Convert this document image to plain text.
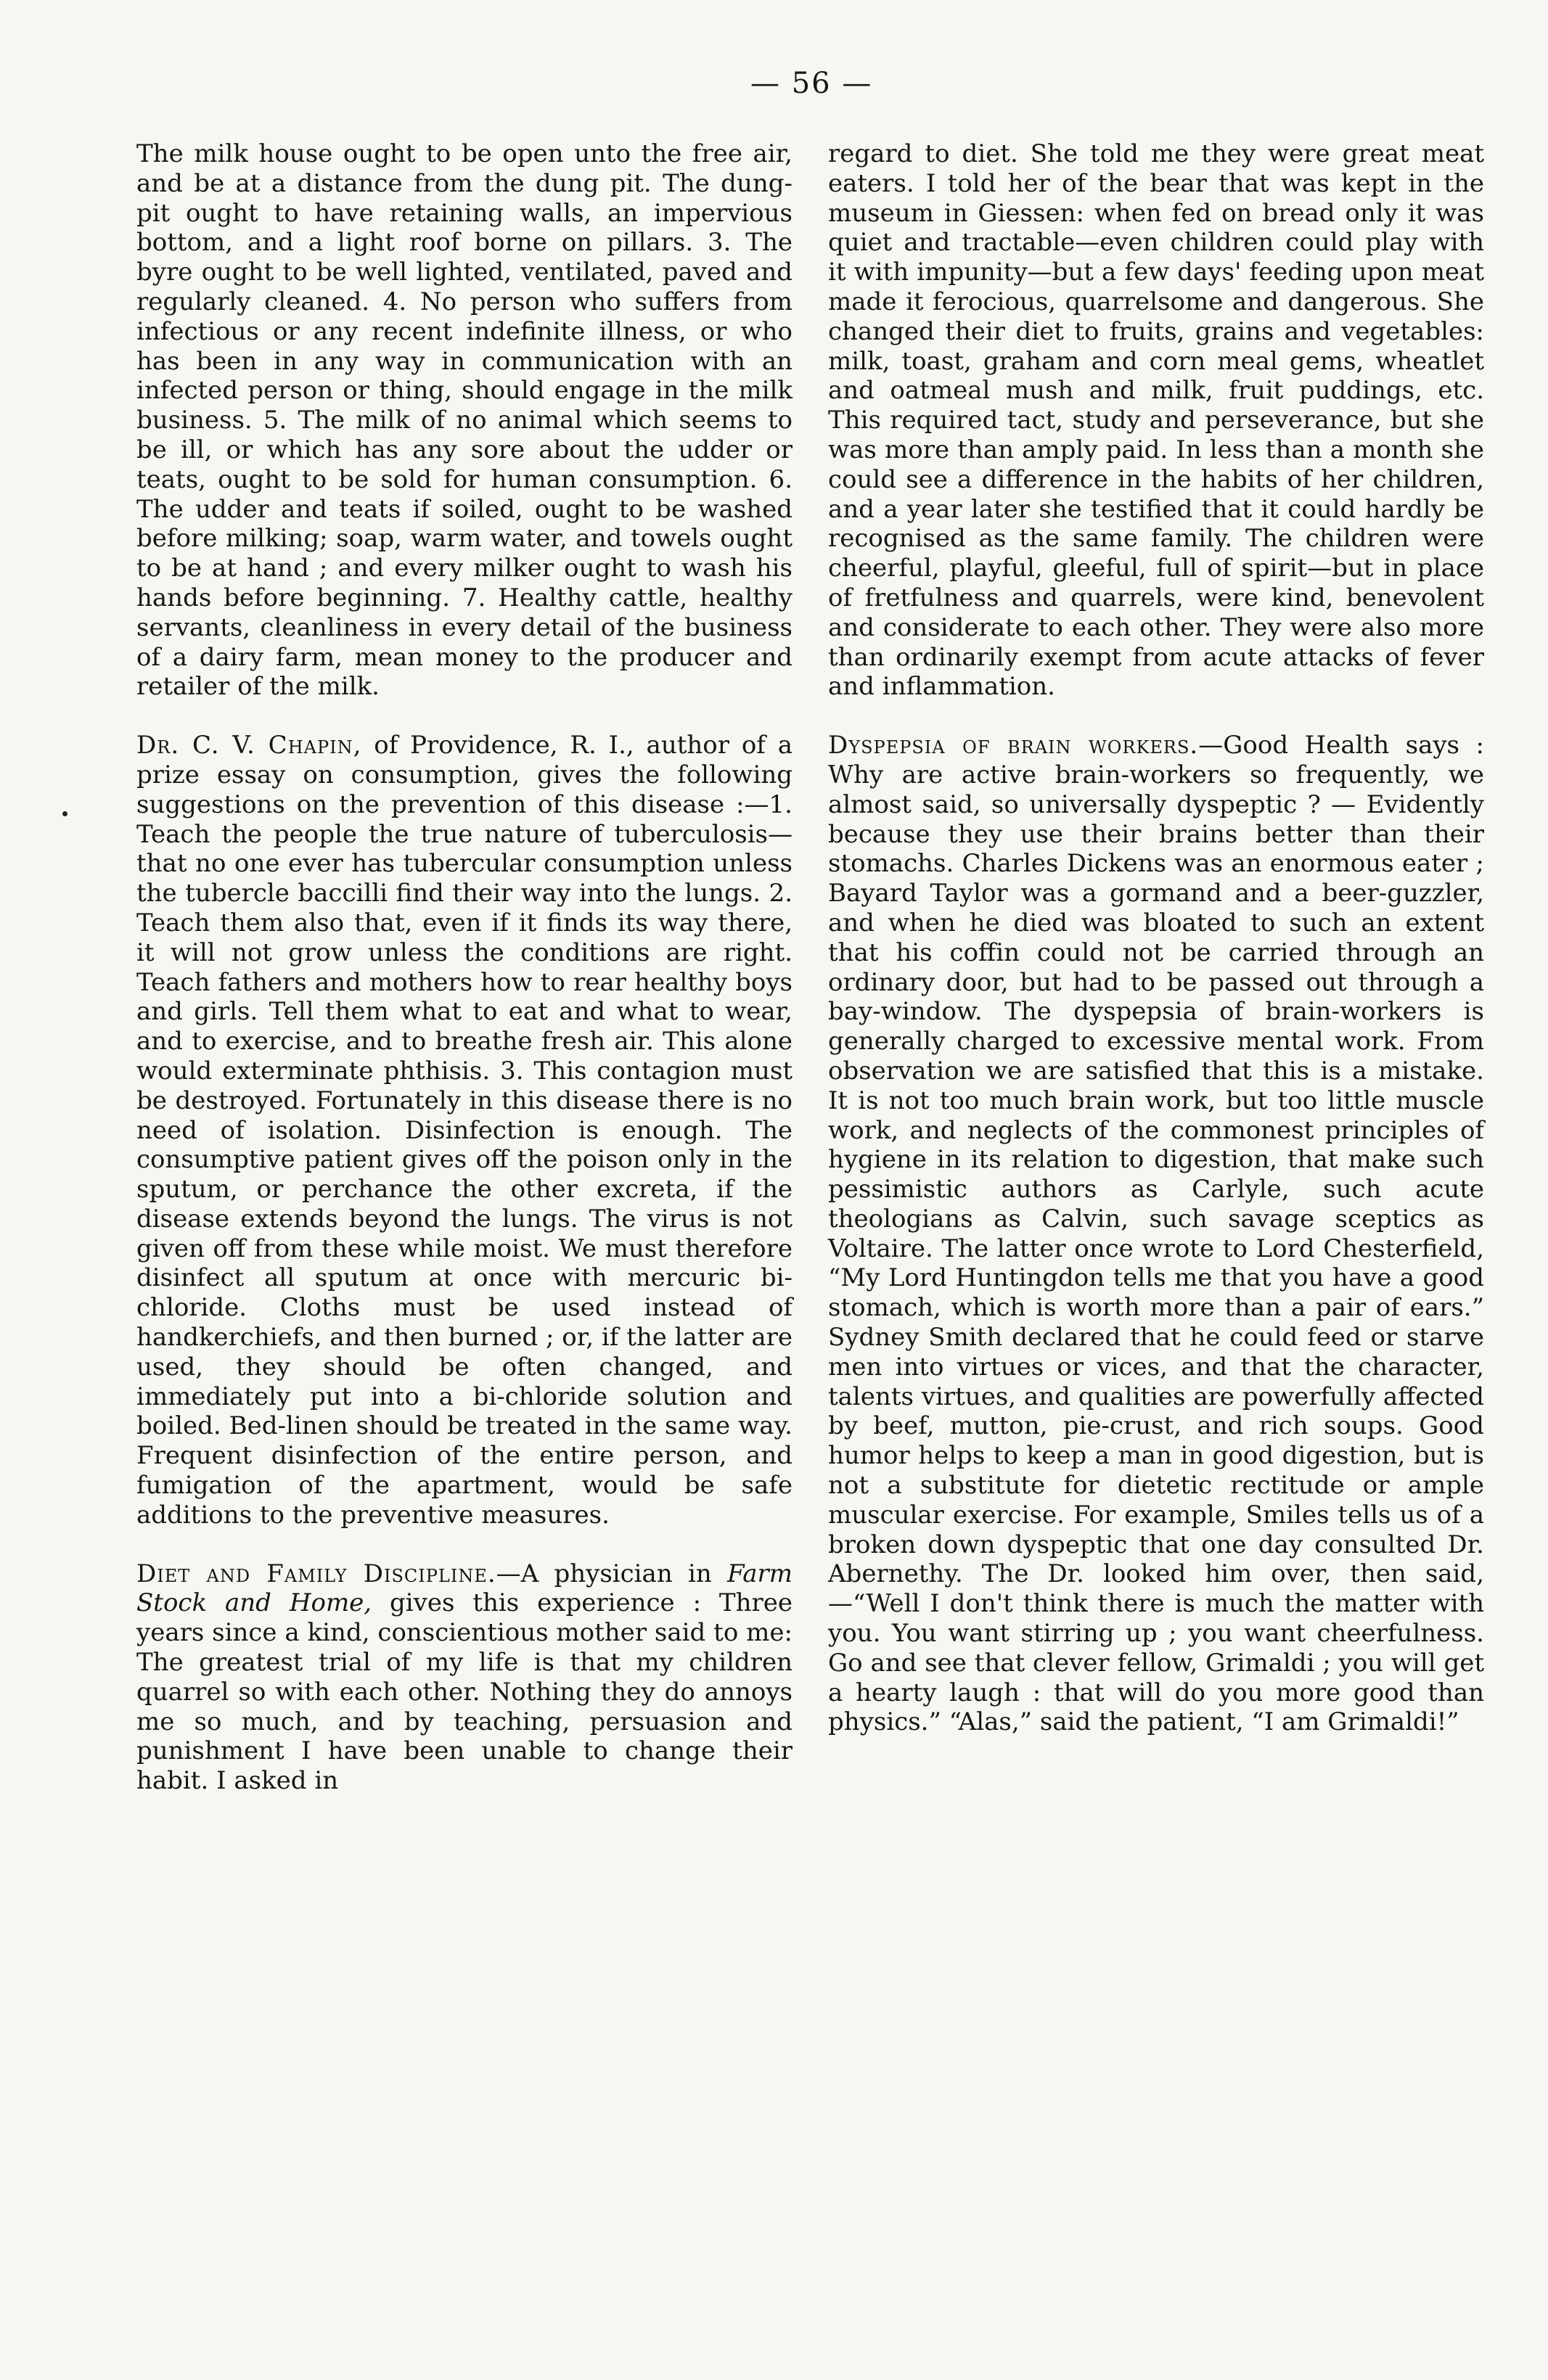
— 56 —

The milk house ought to be open unto the free air, and be at a distance from the dung pit. The dung-pit ought to have retaining walls, an impervious bottom, and a light roof borne on pillars. 3. The byre ought to be well lighted, ventilated, paved and regularly cleaned. 4. No person who suffers from infectious or any recent indefinite illness, or who has been in any way in communication with an infected person or thing, should engage in the milk business. 5. The milk of no animal which seems to be ill, or which has any sore about the udder or teats, ought to be sold for human consumption. 6. The udder and teats if soiled, ought to be washed before milking; soap, warm water, and towels ought to be at hand ; and every milker ought to wash his hands before beginning. 7. Healthy cattle, healthy servants, cleanliness in every detail of the business of a dairy farm, mean money to the producer and retailer of the milk.

Dr. C. V. Chapin, of Providence, R. I., author of a prize essay on consumption, gives the following suggestions on the prevention of this disease :—1. Teach the people the true nature of tuberculosis—that no one ever has tubercular consumption unless the tubercle baccilli find their way into the lungs. 2. Teach them also that, even if it finds its way there, it will not grow unless the conditions are right. Teach fathers and mothers how to rear healthy boys and girls. Tell them what to eat and what to wear, and to exercise, and to breathe fresh air. This alone would exterminate phthisis. 3. This contagion must be destroyed. Fortunately in this disease there is no need of isolation. Disinfection is enough. The consumptive patient gives off the poison only in the sputum, or perchance the other excreta, if the disease extends beyond the lungs. The virus is not given off from these while moist. We must therefore disinfect all sputum at once with mercuric bi-chloride. Cloths must be used instead of handkerchiefs, and then burned ; or, if the latter are used, they should be often changed, and immediately put into a bi-chloride solution and boiled. Bed-linen should be treated in the same way. Frequent disinfection of the entire person, and fumigation of the apartment, would be safe additions to the preventive measures.

Diet and Family Discipline.—A physician in Farm Stock and Home, gives this experience : Three years since a kind, conscientious mother said to me: The greatest trial of my life is that my children quarrel so with each other. Nothing they do annoys me so much, and by teaching, persuasion and punishment I have been unable to change their habit. I asked in

regard to diet. She told me they were great meat eaters. I told her of the bear that was kept in the museum in Giessen: when fed on bread only it was quiet and tractable—even children could play with it with impunity—but a few days' feeding upon meat made it ferocious, quarrelsome and dangerous. She changed their diet to fruits, grains and vegetables: milk, toast, graham and corn meal gems, wheatlet and oatmeal mush and milk, fruit puddings, etc. This required tact, study and perseverance, but she was more than amply paid. In less than a month she could see a difference in the habits of her children, and a year later she testified that it could hardly be recognised as the same family. The children were cheerful, playful, gleeful, full of spirit—but in place of fretfulness and quarrels, were kind, benevolent and considerate to each other. They were also more than ordinarily exempt from acute attacks of fever and inflammation.

Dyspepsia of brain workers.—Good Health says : Why are active brain-workers so frequently, we almost said, so universally dyspeptic ? — Evidently because they use their brains better than their stomachs. Charles Dickens was an enormous eater ; Bayard Taylor was a gormand and a beer-guzzler, and when he died was bloated to such an extent that his coffin could not be carried through an ordinary door, but had to be passed out through a bay-window. The dyspepsia of brain-workers is generally charged to excessive mental work. From observation we are satisfied that this is a mistake. It is not too much brain work, but too little muscle work, and neglects of the commonest principles of hygiene in its relation to digestion, that make such pessimistic authors as Carlyle, such acute theologians as Calvin, such savage sceptics as Voltaire. The latter once wrote to Lord Chesterfield, “My Lord Huntingdon tells me that you have a good stomach, which is worth more than a pair of ears.” Sydney Smith declared that he could feed or starve men into virtues or vices, and that the character, talents virtues, and qualities are powerfully affected by beef, mutton, pie-crust, and rich soups. Good humor helps to keep a man in good digestion, but is not a substitute for dietetic rectitude or ample muscular exercise. For example, Smiles tells us of a broken down dyspeptic that one day consulted Dr. Abernethy. The Dr. looked him over, then said,—“Well I don't think there is much the matter with you. You want stirring up ; you want cheerfulness. Go and see that clever fellow, Grimaldi ; you will get a hearty laugh : that will do you more good than physics.” “Alas,” said the patient, “I am Grimaldi!”
